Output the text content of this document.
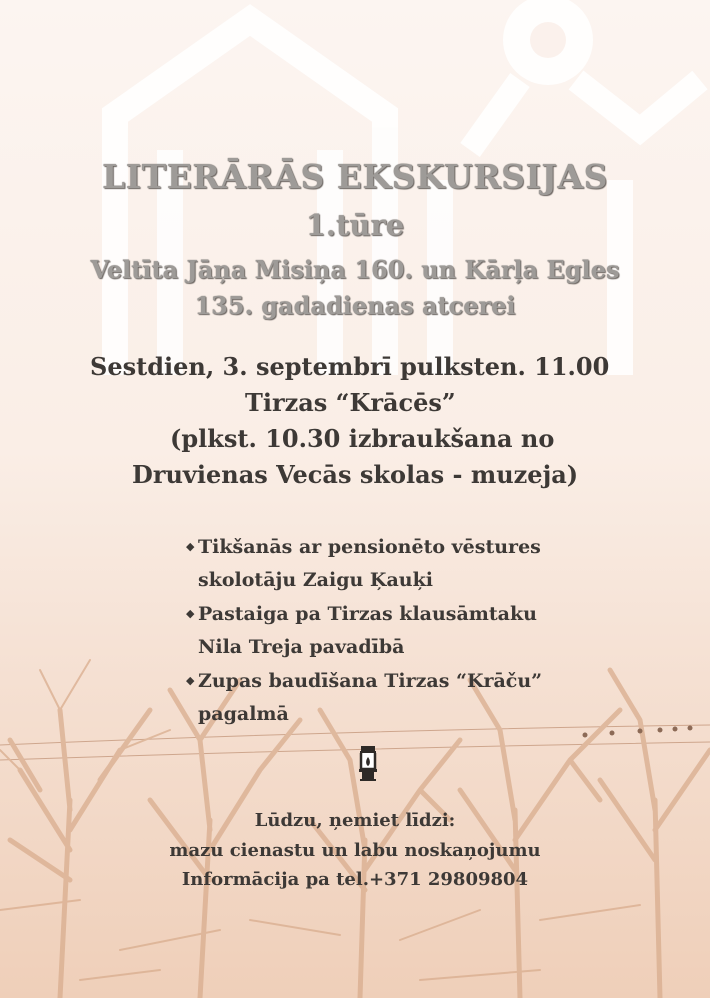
LITERĀRĀS EKSKURSIJAS

1.tūre

Veltīta Jāņa Misiņa 160. un Kārļa Egles

135. gadadienas atcerei

Sestdien, 3. septembrī pulksten. 11.00

Tirzas “Krācēs”

(plkst. 10.30 izbraukšana no

Druvienas Vecās skolas - muzeja)

◆ Tikšanās ar pensionēto vēstures
skolotāju Zaigu Ķauķi
◆ Pastaiga pa Tirzas klausāmtaku
Nila Treja pavadībā
◆ Zupas baudīšana Tirzas “Krāču”
pagalmā

Lūdzu, ņemiet līdzi:

mazu cienastu un labu noskaņojumu

Informācija pa tel.+371 29809804
